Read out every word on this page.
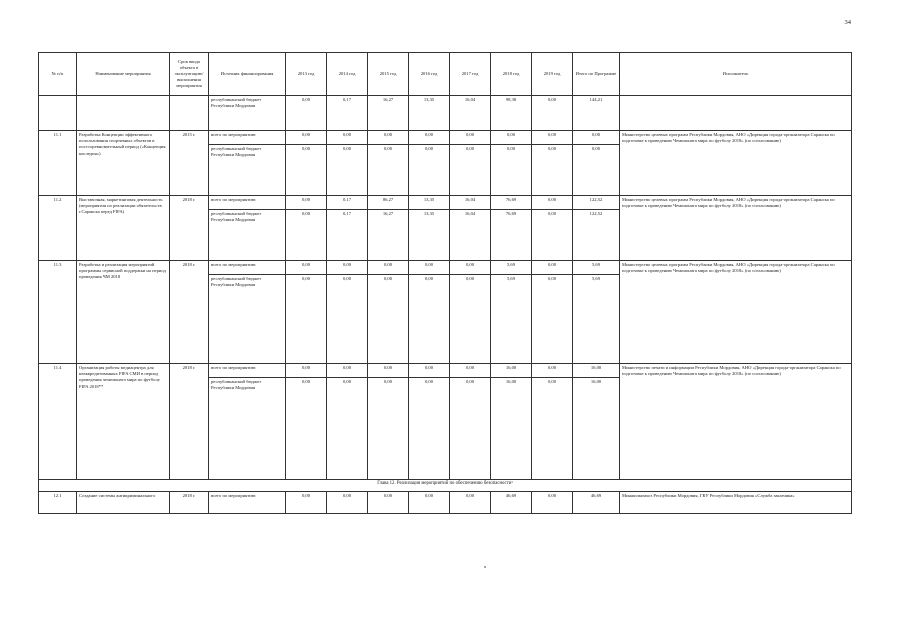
34
№ п/п	Наименование мероприятия	Срок ввода объекта в эксплуатацию/ выполнения мероприятия	Источник финансирования	2013 год	2014 год	2015 год	2016 год	2017 год	2018 год	2019 год	Итого по Программе	Исполнитель
			республиканский бюджет Республики Мордовия	0,00	0,17	16,27	13,35	16,04	98,38	0,00	144,21	
11.1	Разработка Концепции эффективного использования спортивных объектов в постсоревновательный период («Концепция наследия»)	2015 г.	всего по мероприятию:	0,00	0,00	0,00	0,00	0,00	0,00	0,00	0,00	Министерство целевых программ Республики Мордовия, АНО «Дирекция города-организатора Саранска по подготовке к проведению Чемпионата мира по футболу 2018» (по согласованию)
			республиканский бюджет Республики Мордовия	0,00	0,00	0,00	0,00	0,00	0,00	0,00	0,00	
11.2	Выставочная, маркетинговая деятельность (мероприятия по реализации обязательств г.Саранска перед FIFA)	2018 г.	всего по мероприятию:	0,00	0,17	86,27	13,35	16,04	76,69	0,00	122,52	Министерство целевых программ Республики Мордовия, АНО «Дирекция города-организатора Саранска по подготовке к проведению Чемпионата мира по футболу 2018» (по согласованию)
			республиканский бюджет Республики Мордовия	0,00	0,17	16,27	13,35	16,04	76,69	0,00	122,52	
11.3	Разработка и реализация мероприятий программы сервисной поддержки на период проведения ЧМ 2018	2018 г.	всего по мероприятию:	0,00	0,00	0,00	0,00	0,00	5,69	0,00	5,69	Министерство целевых программ Республики Мордовия, АНО «Дирекция города-организатора Саранска по подготовке к проведению Чемпионата мира по футболу 2018» (по согласованию)
			республиканский бюджет Республики Мордовия	0,00	0,00	0,00	0,00	0,00	5,69	0,00	5,69	
11.4	Организация работы медиацентра для неаккредитованных FIFA СМИ в период проведения чемпионата мира по футболу FIFA 2018**	2018 г.	всего по мероприятию:	0,00	0,00	0,00	0,00	0,00	16,00	0,00	16,00	Министерство печати и информации Республики Мордовия, АНО «Дирекция города-организатора Саранска по подготовке к проведению Чемпионата мира по футболу 2018» (по согласованию)
			республиканский бюджет Республики Мордовия	0,00	0,00	0,00	0,00	0,00	16,00	0,00	16,00	
Глава 12. Реализация мероприятий по обеспечению безопасности¹												
12.1	Создание системы антикриминального	2018 г.	всего по мероприятию:	0,00	0,00	0,00	0,00	0,00	46,69	0,00	46,69	Минжилкомхоз Республики Мордовия, ГКУ Республики Мордовия «Служба заказчика»
